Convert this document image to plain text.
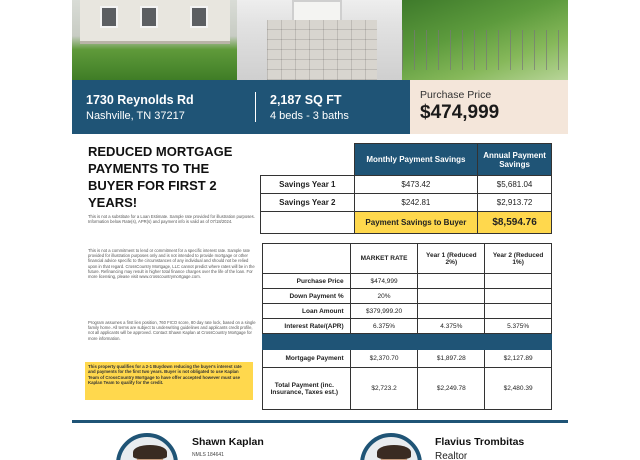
1730 Reynolds Rd
Nashville, TN 37217
2,187 SQ FT
4 beds - 3 baths
Purchase Price
$474,999
REDUCED MORTGAGE PAYMENTS TO THE BUYER FOR FIRST 2 YEARS!
This is not a substitute for a Loan Estimate. Sample rate provided for illustration purposes. Information below Rate(s), APR(s) and payment info is valid as of 07/18/2024.
This is not a commitment to lend or commitment for a specific interest rate. Sample rate provided for illustration purposes only and is not intended to provide mortgage or other financial advice specific to the circumstances of any individual and should not be relied upon in that regard. CrossCountry Mortgage, LLC cannot predict where rates will be in the future. Refinancing may result in higher total finance charges over the life of the loan. For more licensing, please visit www.crosscountrymortgage.com.
Program assumes a first lien position, 760 FICO score, 80 day rate lock, based on a single family home. All terms are subject to underwriting guidelines and applicants credit profile, not all applicants will be approved. Contact Shawn Kaplan at CrossCountry Mortgage for more information.
This property qualifies for a 2-1 Buydown reducing the buyer's interest rate and payments for the first two years. Buyer is not obligated to use Kaplan Team of CrossCountry Mortgage to have offer accepted however must use Kaplan Team to qualify for the credit.
	Monthly Payment Savings	Annual Payment Savings
Savings Year 1	$473.42	$5,681.04
Savings Year 2	$242.81	$2,913.72
	Payment Savings to Buyer	$8,594.76
	MARKET RATE	Year 1 (Reduced 2%)	Year 2 (Reduced 1%)
Purchase Price	$474,999		
Down Payment %	20%		
Loan Amount	$379,999.20		
Interest Rate/(APR)	6.375%	4.375%	5.375%

Mortgage Payment	$2,370.70	$1,897.28	$2,127.89
Total Payment (inc. Insurance, Taxes est.)	$2,723.2	$2,249.78	$2,480.39
Shawn Kaplan
NMLS 184641
Flavius Trombitas
Realtor
